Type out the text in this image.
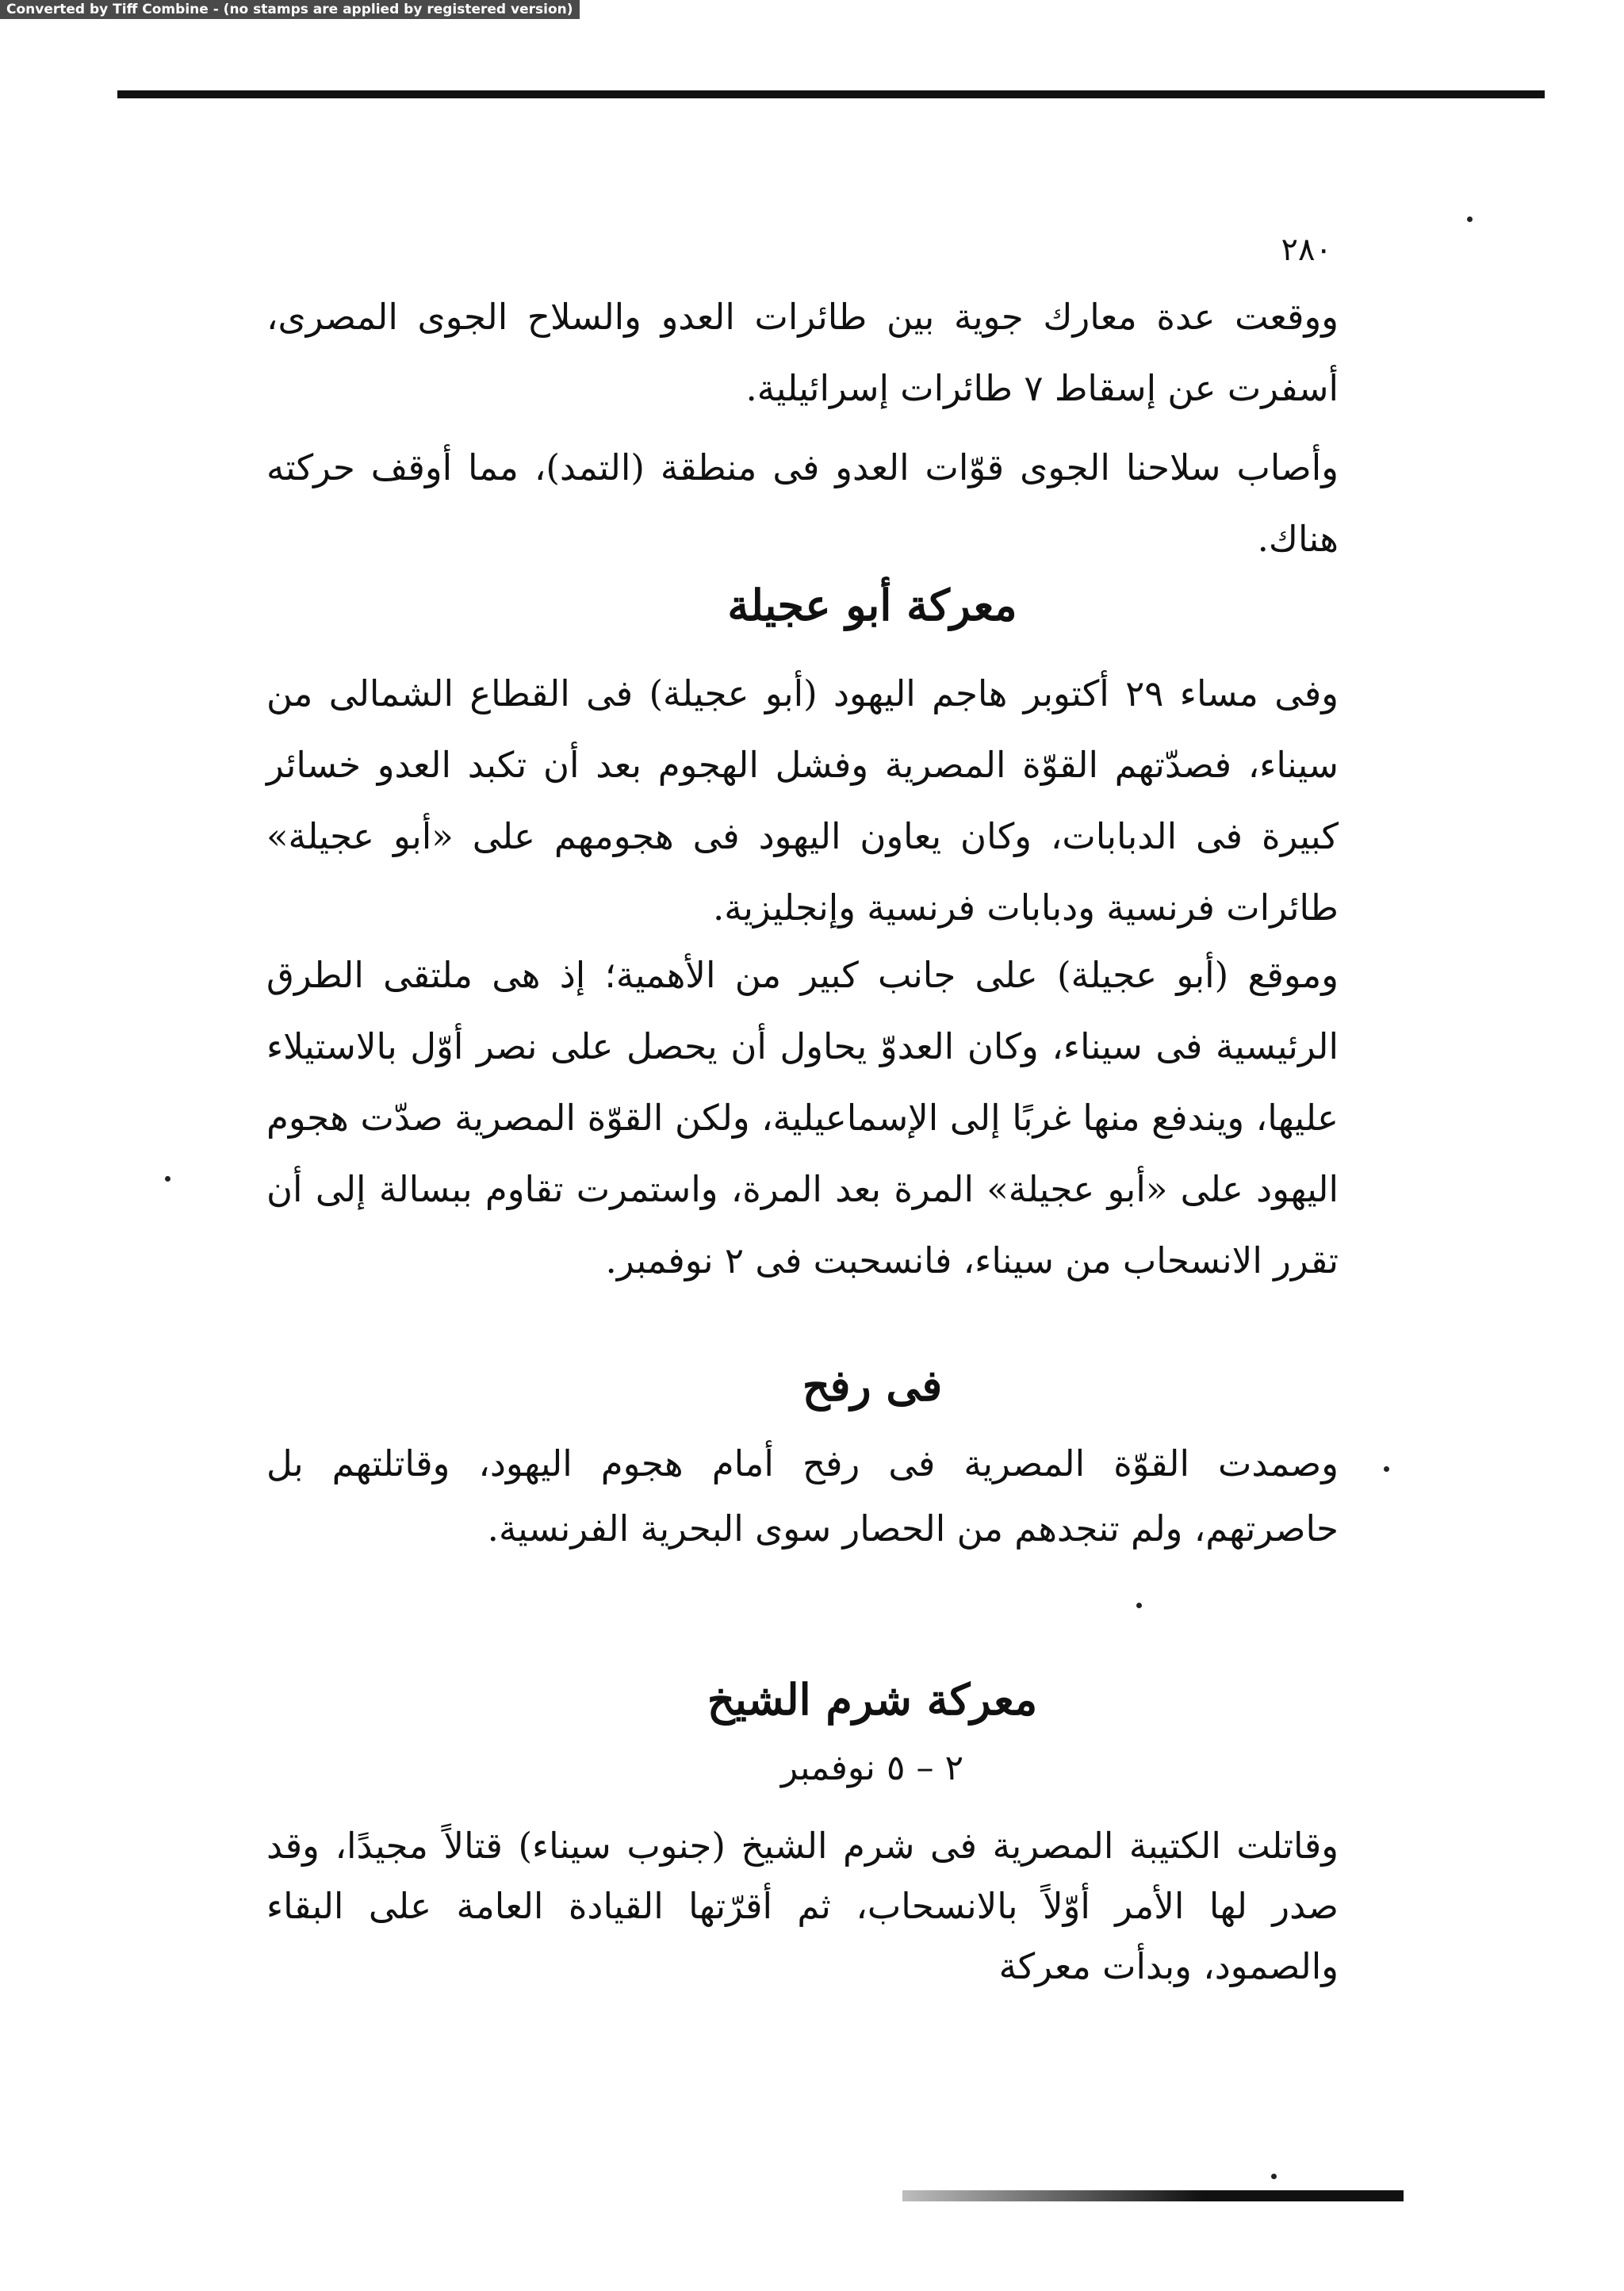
Converted by Tiff Combine - (no stamps are applied by registered version)
٢٨٠

ووقعت عدة معارك جوية بين طائرات العدو والسلاح الجوى المصرى، أسفرت عن إسقاط ٧ طائرات إسرائيلية.

وأصاب سلاحنا الجوى قوّات العدو فى منطقة (التمد)، مما أوقف حركته هناك.

معركة أبو عجيلة

وفى مساء ٢٩ أكتوبر هاجم اليهود (أبو عجيلة) فى القطاع الشمالى من سيناء، فصدّتهم القوّة المصرية وفشل الهجوم بعد أن تكبد العدو خسائر كبيرة فى الدبابات، وكان يعاون اليهود فى هجومهم على «أبو عجيلة» طائرات فرنسية ودبابات فرنسية وإنجليزية.

وموقع (أبو عجيلة) على جانب كبير من الأهمية؛ إذ هى ملتقى الطرق الرئيسية فى سيناء، وكان العدوّ يحاول أن يحصل على نصر أوّل بالاستيلاء عليها، ويندفع منها غربًا إلى الإسماعيلية، ولكن القوّة المصرية صدّت هجوم اليهود على «أبو عجيلة» المرة بعد المرة، واستمرت تقاوم ببسالة إلى أن تقرر الانسحاب من سيناء، فانسحبت فى ٢ نوفمبر.

فى رفح

وصمدت القوّة المصرية فى رفح أمام هجوم اليهود، وقاتلتهم بل حاصرتهم، ولم تنجدهم من الحصار سوى البحرية الفرنسية.

معركة شرم الشيخ
٢ – ٥ نوفمبر

وقاتلت الكتيبة المصرية فى شرم الشيخ (جنوب سيناء) قتالاً مجيدًا، وقد صدر لها الأمر أوّلاً بالانسحاب، ثم أقرّتها القيادة العامة على البقاء والصمود، وبدأت معركة
